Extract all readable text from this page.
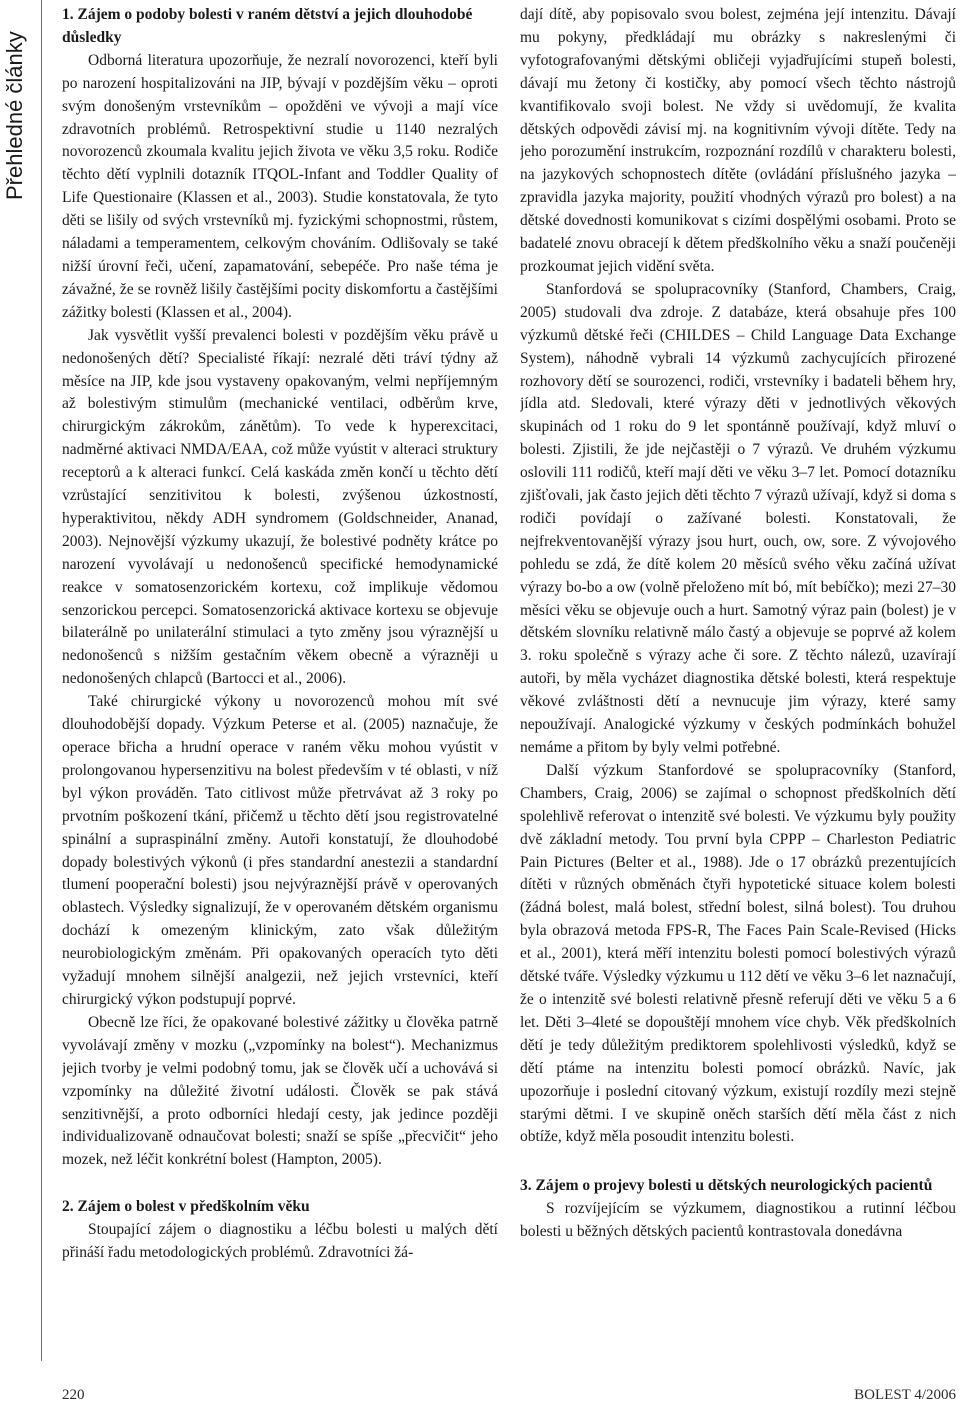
Přehledné články
1. Zájem o podoby bolesti v raném dětství a jejich dlouhodobé důsledky

Odborná literatura upozorňuje, že nezralí novorozenci, kteří byli po narození hospitalizováni na JIP, bývají v pozdějším věku – oproti svým donošeným vrstevníkům – opožděni ve vývoji a mají více zdravotních problémů. Retrospektivní studie u 1140 nezralých novorozenců zkoumala kvalitu jejich života ve věku 3,5 roku. Rodiče těchto dětí vyplnili dotazník ITQOL-Infant and Toddler Quality of Life Questionaire (Klassen et al., 2003). Studie konstatovala, že tyto děti se lišily od svých vrstevníků mj. fyzickými schopnostmi, růstem, náladami a temperamentem, celkovým chováním. Odlišovaly se také nižší úrovní řeči, učení, zapamatování, sebepéče. Pro naše téma je závažné, že se rovněž lišily častějšími pocity diskomfortu a častějšími zážitky bolesti (Klassen et al., 2004).

Jak vysvětlit vyšší prevalenci bolesti v pozdějším věku právě u nedonošených dětí? Specialisté říkají: nezralé děti tráví týdny až měsíce na JIP, kde jsou vystaveny opakovaným, velmi nepříjemným až bolestivým stimulům (mechanické ventilaci, odběrům krve, chirurgickým zákrokům, zánětům). To vede k hyperexcitaci, nadměrné aktivaci NMDA/EAA, což může vyústit v alteraci struktury receptorů a k alteraci funkcí. Celá kaskáda změn končí u těchto dětí vzrůstající senzitivitou k bolesti, zvýšenou úzkostností, hyperaktivitou, někdy ADH syndromem (Goldschneider, Ananad, 2003). Nejnovější výzkumy ukazují, že bolestivé podněty krátce po narození vyvolávají u nedonošenců specifické hemodynamické reakce v somatosenzorickém kortexu, což implikuje vědomou senzorickou percepci. Somatosenzorická aktivace kortexu se objevuje bilaterálně po unilaterální stimulaci a tyto změny jsou výraznější u nedonošenců s nižším gestačním věkem obecně a výrazněji u nedonošených chlapců (Bartocci et al., 2006).

Také chirurgické výkony u novorozenců mohou mít své dlouhodobější dopady. Výzkum Peterse et al. (2005) naznačuje, že operace břicha a hrudní operace v raném věku mohou vyústit v prolongovanou hypersenzitivu na bolest především v té oblasti, v níž byl výkon prováděn. Tato citlivost může přetrvávat až 3 roky po prvotním poškození tkání, přičemž u těchto dětí jsou registrovatelné spinální a supraspinální změny. Autoři konstatují, že dlouhodobé dopady bolestivých výkonů (i přes standardní anestezii a standardní tlumení pooperační bolesti) jsou nejvýraznější právě v operovaných oblastech. Výsledky signalizují, že v operovaném dětském organismu dochází k omezeným klinickým, zato však důležitým neurobiologickým změnám. Při opakovaných operacích tyto děti vyžadují mnohem silnější analgezii, než jejich vrstevníci, kteří chirurgický výkon podstupují poprvé.

Obecně lze říci, že opakované bolestivé zážitky u člověka patrně vyvolávají změny v mozku („vzpomínky na bolest“). Mechanizmus jejich tvorby je velmi podobný tomu, jak se člověk učí a uchovává si vzpomínky na důležité životní události. Člověk se pak stává senzitivnější, a proto odborníci hledají cesty, jak jedince později individualizovaně odnaučovat bolesti; snaží se spíše „přecvičit“ jeho mozek, než léčit konkrétní bolest (Hampton, 2005).

2. Zájem o bolest v předškolním věku

Stoupající zájem o diagnostiku a léčbu bolesti u malých dětí přináší řadu metodologických problémů. Zdravotníci žá-

dají dítě, aby popisovalo svou bolest, zejména její intenzitu. Dávají mu pokyny, předkládají mu obrázky s nakreslenými či vyfotografovanými dětskými obličeji vyjadřujícími stupeň bolesti, dávají mu žetony či kostičky, aby pomocí všech těchto nástrojů kvantifikovalo svoji bolest. Ne vždy si uvědomují, že kvalita dětských odpovědi závisí mj. na kognitivním vývoji dítěte. Tedy na jeho porozumění instrukcím, rozpoznání rozdílů v charakteru bolesti, na jazykových schopnostech dítěte (ovládání příslušného jazyka – zpravidla jazyka majority, použití vhodných výrazů pro bolest) a na dětské dovednosti komunikovat s cizími dospělými osobami. Proto se badatelé znovu obracejí k dětem předškolního věku a snaží poučeněji prozkoumat jejich vidění světa.

Stanfordová se spolupracovníky (Stanford, Chambers, Craig, 2005) studovali dva zdroje. Z databáze, která obsahuje přes 100 výzkumů dětské řeči (CHILDES – Child Language Data Exchange System), náhodně vybrali 14 výzkumů zachycujících přirozené rozhovory dětí se sourozenci, rodiči, vrstevníky i badateli během hry, jídla atd. Sledovali, které výrazy děti v jednotlivých věkových skupinách od 1 roku do 9 let spontánně používají, když mluví o bolesti. Zjistili, že jde nejčastěji o 7 výrazů. Ve druhém výzkumu oslovili 111 rodičů, kteří mají děti ve věku 3–7 let. Pomocí dotazníku zjišťovali, jak často jejich děti těchto 7 výrazů užívají, když si doma s rodiči povídají o zažívané bolesti. Konstatovali, že nejfrekventovanější výrazy jsou hurt, ouch, ow, sore. Z vývojového pohledu se zdá, že dítě kolem 20 měsíců svého věku začíná užívat výrazy bo-bo a ow (volně přeloženo mít bó, mít bebíčko); mezi 27–30 měsíci věku se objevuje ouch a hurt. Samotný výraz pain (bolest) je v dětském slovníku relativně málo častý a objevuje se poprvé až kolem 3. roku společně s výrazy ache či sore. Z těchto nálezů, uzavírají autoři, by měla vycházet diagnostika dětské bolesti, která respektuje věkové zvláštnosti dětí a nevnucuje jim výrazy, které samy nepoužívají. Analogické výzkumy v českých podmínkách bohužel nemáme a přitom by byly velmi potřebné.

Další výzkum Stanfordové se spolupracovníky (Stanford, Chambers, Craig, 2006) se zajímal o schopnost předškolních dětí spolehlivě referovat o intenzitě své bolesti. Ve výzkumu byly použity dvě základní metody. Tou první byla CPPP – Charleston Pediatric Pain Pictures (Belter et al., 1988). Jde o 17 obrázků prezentujících dítěti v různých obměnách čtyři hypotetické situace kolem bolesti (žádná bolest, malá bolest, střední bolest, silná bolest). Tou druhou byla obrazová metoda FPS-R, The Faces Pain Scale-Revised (Hicks et al., 2001), která měří intenzitu bolesti pomocí bolestivých výrazů dětské tváře. Výsledky výzkumu u 112 dětí ve věku 3–6 let naznačují, že o intenzitě své bolesti relativně přesně referují děti ve věku 5 a 6 let. Děti 3–4leté se dopouštějí mnohem více chyb. Věk předškolních dětí je tedy důležitým prediktorem spolehlivosti výsledků, když se dětí ptáme na intenzitu bolesti pomocí obrázků. Navíc, jak upozorňuje i poslední citovaný výzkum, existují rozdíly mezi stejně starými dětmi. I ve skupině oněch starších dětí měla část z nich obtíže, když měla posoudit intenzitu bolesti.

3. Zájem o projevy bolesti u dětských neurologických pacientů

S rozvíjejícím se výzkumem, diagnostikou a rutinní léčbou bolesti u běžných dětských pacientů kontrastovala donedávna

220	BOLEST 4/2006
